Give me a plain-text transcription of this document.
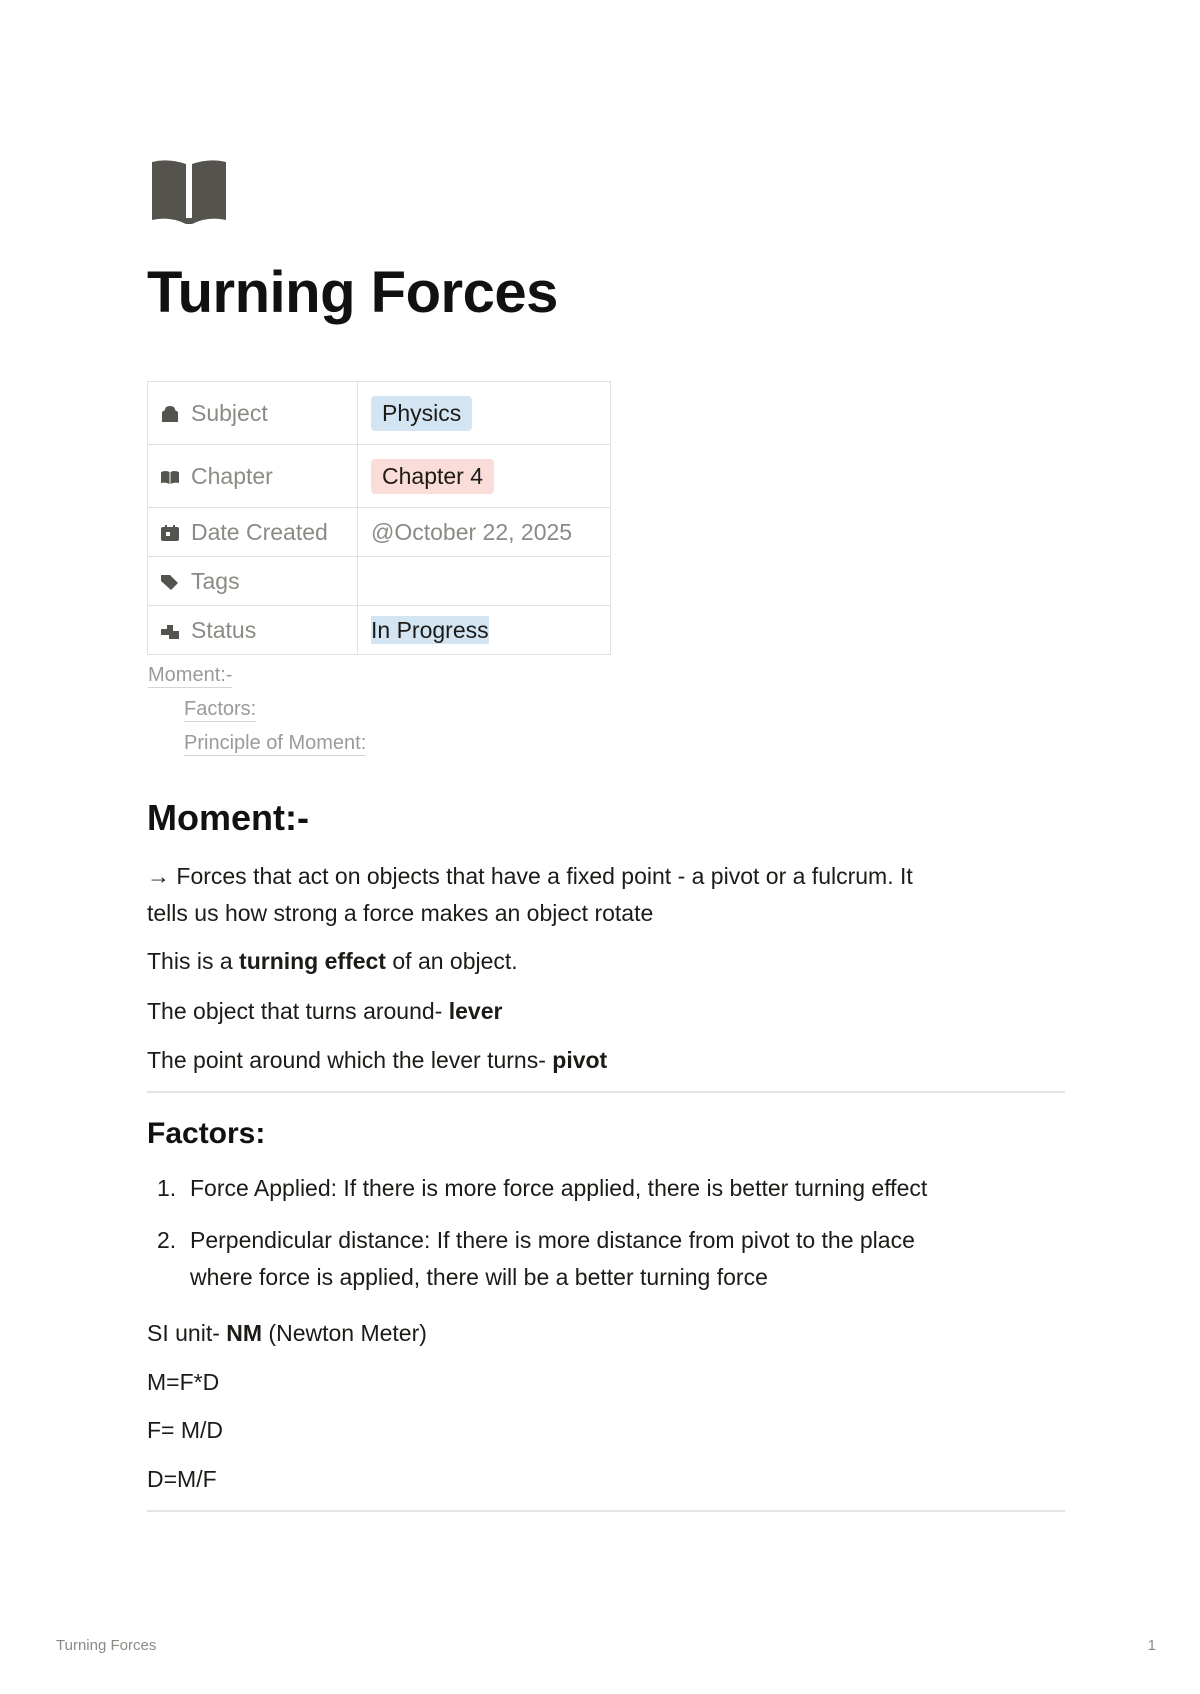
Turning Forces
Subject	Physics
Chapter	Chapter 4
Date Created	@October 22, 2025
Tags	
Status	In Progress
Moment:-
Factors:
Principle of Moment:
Moment:-

→ Forces that act on objects that have a fixed point - a pivot or a fulcrum. It
tells us how strong a force makes an object rotate

This is a turning effect of an object.

The object that turns around- lever

The point around which the lever turns- pivot

Factors:
1. Force Applied: If there is more force applied, there is better turning effect
2. Perpendicular distance: If there is more distance from pivot to the place
where force is applied, there will be a better turning force

SI unit- NM (Newton Meter)

M=F*D

F= M/D

D=M/F

Turning Forces	1
